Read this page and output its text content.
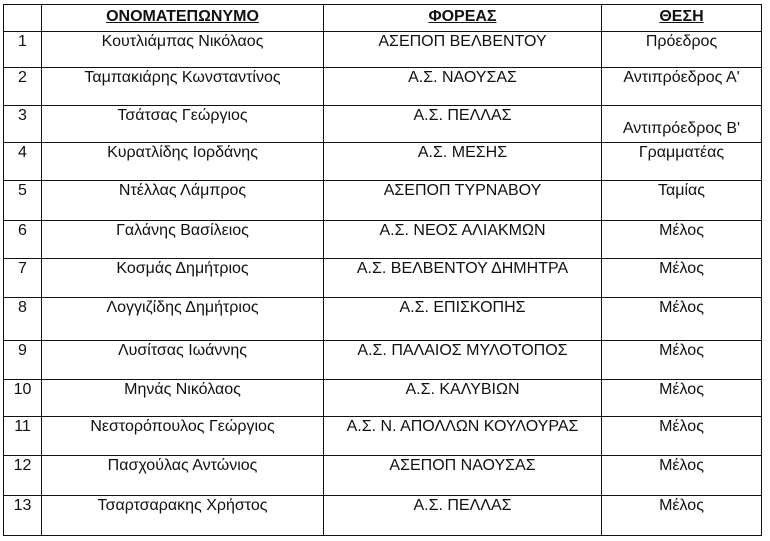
	ΟΝΟΜΑΤΕΠΩΝΥΜΟ	ΦΟΡΕΑΣ	ΘΕΣΗ
1	Κουτλιάμπας Νικόλαος	ΑΣΕΠΟΠ ΒΕΛΒΕΝΤΟΥ	Πρόεδρος
2	Ταμπακιάρης Κωνσταντίνος	Α.Σ. ΝΑΟΥΣΑΣ	Αντιπρόεδρος Α'
3	Τσάτσας Γεώργιος	Α.Σ. ΠΕΛΛΑΣ	Αντιπρόεδρος Β'
4	Κυρατλίδης Ιορδάνης	Α.Σ. ΜΕΣΗΣ	Γραμματέας
5	Ντέλλας Λάμπρος	ΑΣΕΠΟΠ ΤΥΡΝΑΒΟΥ	Ταμίας
6	Γαλάνης Βασίλειος	Α.Σ. ΝΕΟΣ ΑΛΙΑΚΜΩΝ	Μέλος
7	Κοσμάς Δημήτριος	Α.Σ. ΒΕΛΒΕΝΤΟΥ ΔΗΜΗΤΡΑ	Μέλος
8	Λογγιζίδης Δημήτριος	Α.Σ. ΕΠΙΣΚΟΠΗΣ	Μέλος
9	Λυσίτσας Ιωάννης	Α.Σ. ΠΑΛΑΙΟΣ ΜΥΛΟΤΟΠΟΣ	Μέλος
10	Μηνάς Νικόλαος	Α.Σ. ΚΑΛΥΒΙΩΝ	Μέλος
11	Νεστορόπουλος Γεώργιος	Α.Σ. Ν. ΑΠΟΛΛΩΝ ΚΟΥΛΟΥΡΑΣ	Μέλος
12	Πασχούλας Αντώνιος	ΑΣΕΠΟΠ ΝΑΟΥΣΑΣ	Μέλος
13	Τσαρτσαρακης Χρήστος	Α.Σ. ΠΕΛΛΑΣ	Μέλος
